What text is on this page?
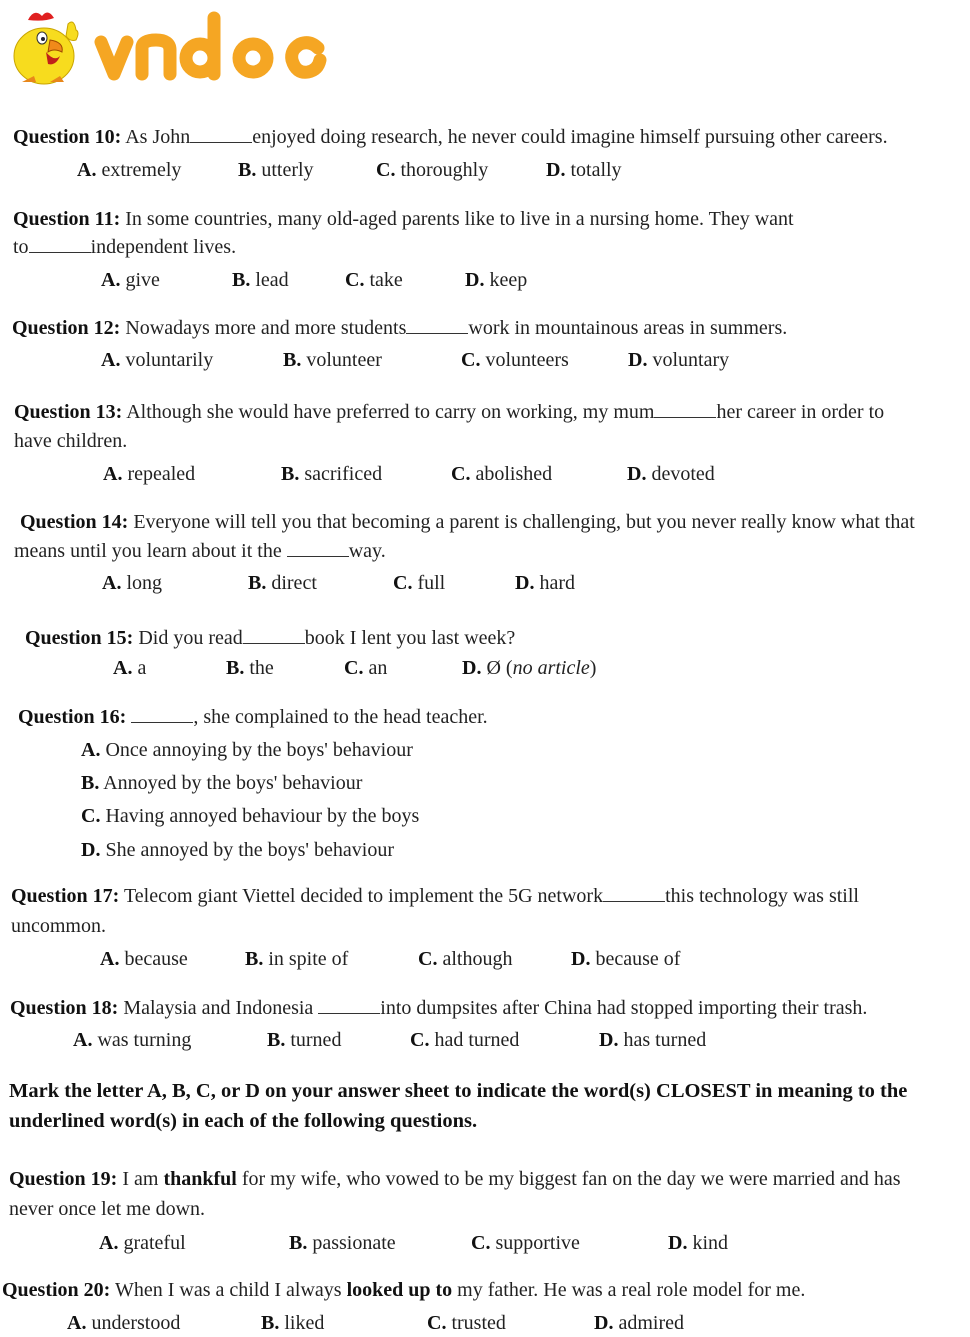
Question 10: As John	enjoyed doing research, he never could imagine himself pursuing other careers.
A. extremely	B. utterly	C. thoroughly	D. totally
Question 11: In some countries, many old-aged parents like to live in a nursing home. They want
to	independent lives.
A. give	B. lead	C. take	D. keep
Question 12: Nowadays more and more students	work in mountainous areas in summers.
A. voluntarily	B. volunteer	C. volunteers	D. voluntary
Question 13: Although she would have preferred to carry on working, my mum	her career in order to
have children.
A. repealed	B. sacrificed	C. abolished	D. devoted
Question 14: Everyone will tell you that becoming a parent is challenging, but you never really know what that
means until you learn about it the	way.
A. long	B. direct	C. full	D. hard
Question 15: Did you read	book I lent you last week?
A. a	B. the	C. an	D. Ø (no article)
Question 16:	, she complained to the head teacher.
A. Once annoying by the boys' behaviour
B. Annoyed by the boys' behaviour
C. Having annoyed behaviour by the boys
D. She annoyed by the boys' behaviour
Question 17: Telecom giant Viettel decided to implement the 5G network	this technology was still
uncommon.
A. because	B. in spite of	C. although	D. because of
Question 18: Malaysia and Indonesia	into dumpsites after China had stopped importing their trash.
A. was turning	B. turned	C. had turned	D. has turned
Mark the letter A, B, C, or D on your answer sheet to indicate the word(s) CLOSEST in meaning to the
underlined word(s) in each of the following questions.
Question 19: I am thankful for my wife, who vowed to be my biggest fan on the day we were married and has
never once let me down.
A. grateful	B. passionate	C. supportive	D. kind
Question 20: When I was a child I always looked up to my father. He was a real role model for me.
A. understood	B. liked	C. trusted	D. admired
